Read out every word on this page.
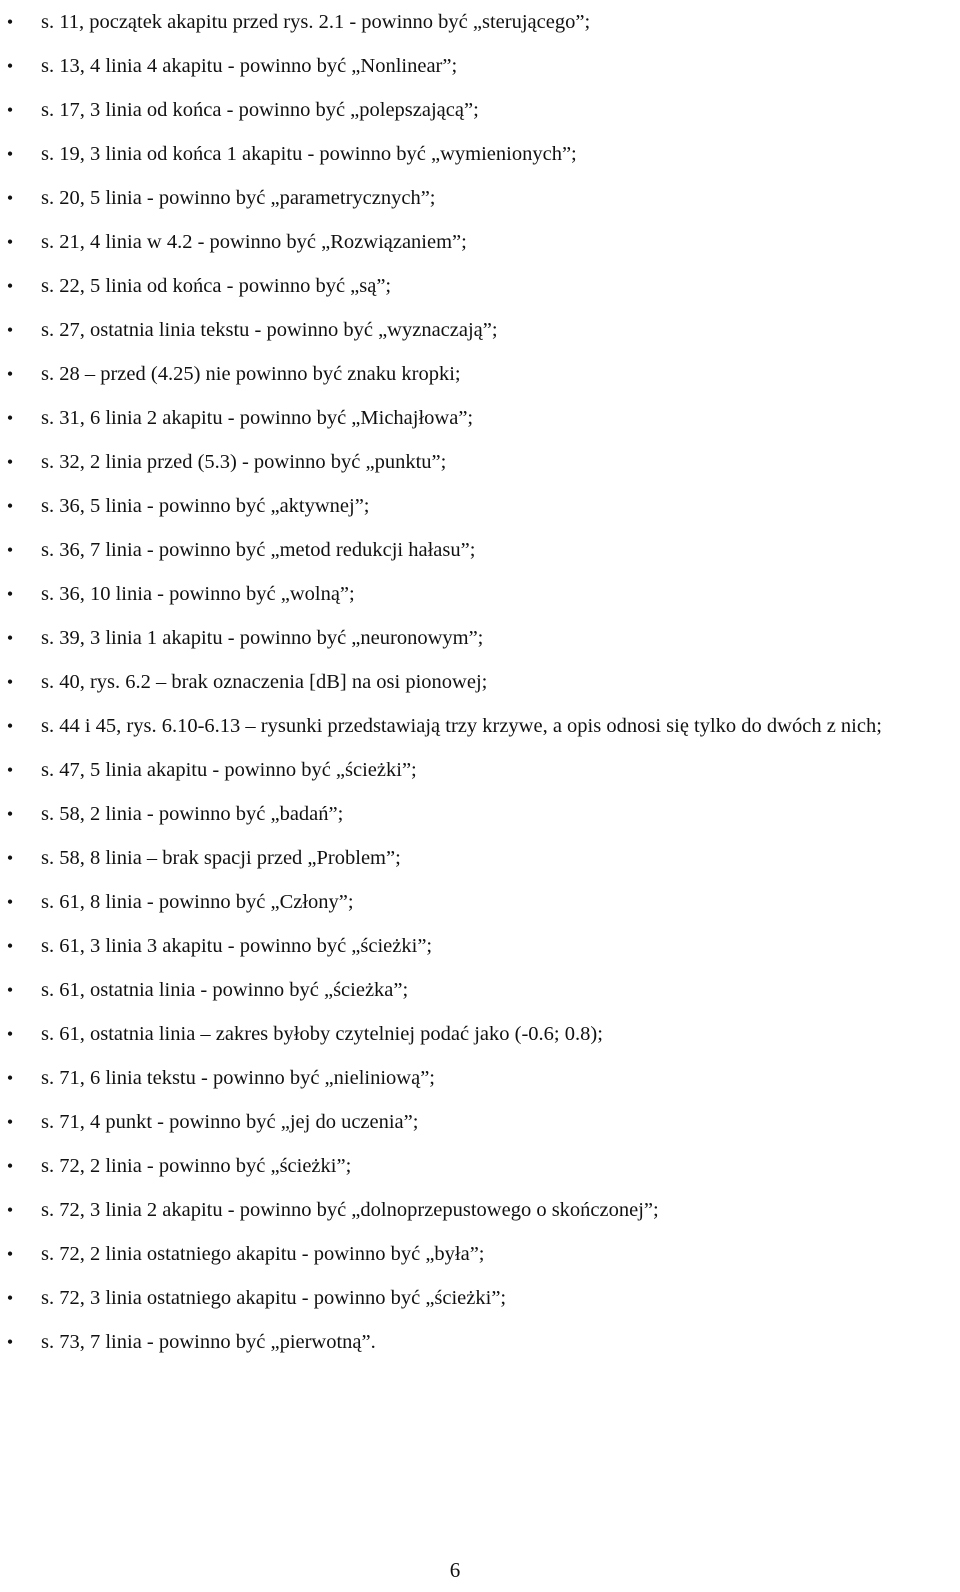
•	s. 11, początek akapitu przed rys. 2.1 - powinno być „sterującego”;
•	s. 13, 4 linia 4 akapitu - powinno być „Nonlinear”;
•	s. 17, 3 linia od końca - powinno być „polepszającą”;
•	s. 19, 3 linia od końca 1 akapitu - powinno być „wymienionych”;
•	s. 20, 5 linia - powinno być „parametrycznych”;
•	s. 21, 4 linia w 4.2 - powinno być „Rozwiązaniem”;
•	s. 22, 5 linia od końca - powinno być „są”;
•	s. 27, ostatnia linia tekstu - powinno być „wyznaczają”;
•	s. 28 – przed (4.25) nie powinno być znaku kropki;
•	s. 31, 6 linia 2 akapitu - powinno być „Michajłowa”;
•	s. 32, 2 linia przed (5.3) - powinno być „punktu”;
•	s. 36, 5 linia - powinno być „aktywnej”;
•	s. 36, 7 linia - powinno być „metod redukcji hałasu”;
•	s. 36, 10 linia - powinno być „wolną”;
•	s. 39, 3 linia 1 akapitu - powinno być „neuronowym”;
•	s. 40, rys. 6.2 – brak oznaczenia [dB] na osi pionowej;
•	s. 44 i 45, rys. 6.10-6.13 – rysunki przedstawiają trzy krzywe, a opis odnosi się tylko do dwóch z nich;
•	s. 47, 5 linia akapitu - powinno być „ścieżki”;
•	s. 58, 2 linia - powinno być „badań”;
•	s. 58, 8 linia – brak spacji przed „Problem”;
•	s. 61, 8 linia - powinno być „Człony”;
•	s. 61, 3 linia 3 akapitu - powinno być „ścieżki”;
•	s. 61, ostatnia linia - powinno być „ścieżka”;
•	s. 61, ostatnia linia – zakres byłoby czytelniej podać jako (-0.6; 0.8);
•	s. 71, 6 linia tekstu - powinno być „nieliniową”;
•	s. 71, 4 punkt - powinno być „jej do uczenia”;
•	s. 72, 2 linia - powinno być „ścieżki”;
•	s. 72, 3 linia 2 akapitu - powinno być „dolnoprzepustowego o skończonej”;
•	s. 72, 2 linia ostatniego akapitu - powinno być „była”;
•	s. 72, 3 linia ostatniego akapitu - powinno być „ścieżki”;
•	s. 73, 7 linia - powinno być „pierwotną”.
6
